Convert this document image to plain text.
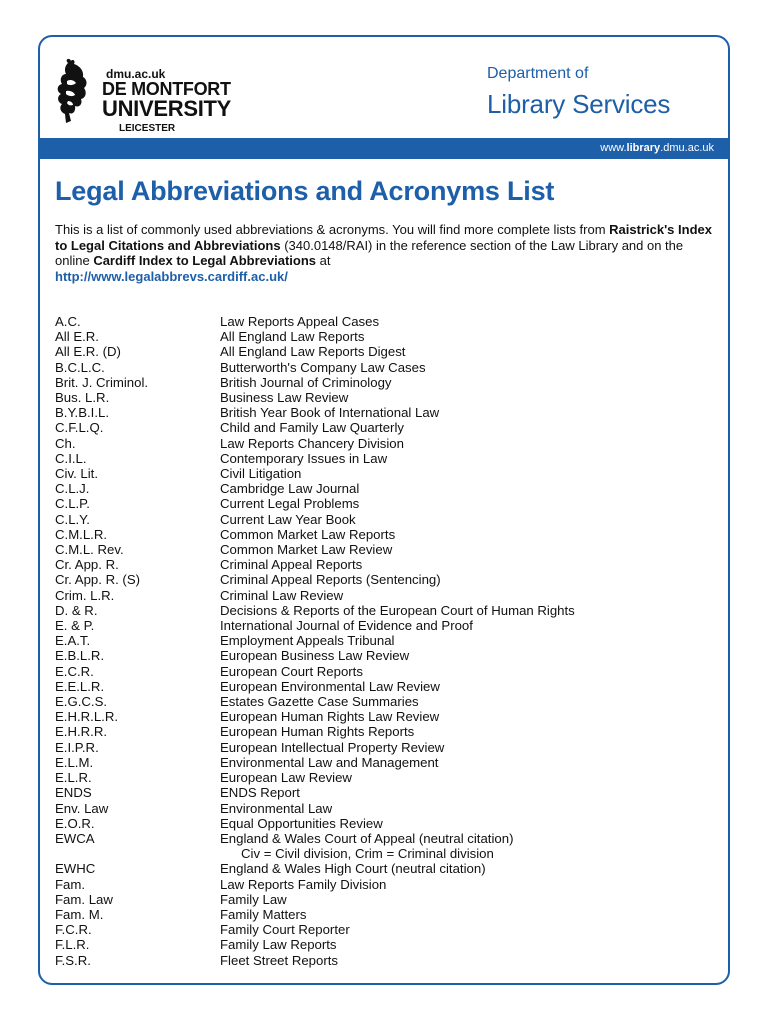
dmu.ac.uk
DE MONTFORT
UNIVERSITY
LEICESTER
Department of
Library Services
www.library.dmu.ac.uk
Legal Abbreviations and Acronyms List
This is a list of commonly used abbreviations & acronyms. You will find more complete lists from Raistrick's Index to Legal Citations and Abbreviations (340.0148/RAI) in the reference section of the Law Library and on the online Cardiff Index to Legal Abbreviations at
http://www.legalabbrevs.cardiff.ac.uk/
A.C.	Law Reports Appeal Cases
All E.R.	All England Law Reports
All E.R. (D)	All England Law Reports Digest
B.C.L.C.	Butterworth's Company Law Cases
Brit. J. Criminol.	British Journal of Criminology
Bus. L.R.	Business Law Review
B.Y.B.I.L.	British Year Book of International Law
C.F.L.Q.	Child and Family Law Quarterly
Ch.	Law Reports Chancery Division
C.I.L.	Contemporary Issues in Law
Civ. Lit.	Civil Litigation
C.L.J.	Cambridge Law Journal
C.L.P.	Current Legal Problems
C.L.Y.	Current Law Year Book
C.M.L.R.	Common Market Law Reports
C.M.L. Rev.	Common Market Law Review
Cr. App. R.	Criminal Appeal Reports
Cr. App. R. (S)	Criminal Appeal Reports (Sentencing)
Crim. L.R.	Criminal Law Review
D. & R.	Decisions & Reports of the European Court of Human Rights
E. & P.	International Journal of Evidence and Proof
E.A.T.	Employment Appeals Tribunal
E.B.L.R.	European Business Law Review
E.C.R.	European Court Reports
E.E.L.R.	European Environmental Law Review
E.G.C.S.	Estates Gazette Case Summaries
E.H.R.L.R.	European Human Rights Law Review
E.H.R.R.	European Human Rights Reports
E.I.P.R.	European Intellectual Property Review
E.L.M.	Environmental Law and Management
E.L.R.	European Law Review
ENDS	ENDS Report
Env. Law	Environmental Law
E.O.R.	Equal Opportunities Review
EWCA	England & Wales Court of Appeal (neutral citation)
Civ = Civil division, Crim = Criminal division
EWHC	England & Wales High Court (neutral citation)
Fam.	Law Reports Family Division
Fam. Law	Family Law
Fam. M.	Family Matters
F.C.R.	Family Court Reporter
F.L.R.	Family Law Reports
F.S.R.	Fleet Street Reports
